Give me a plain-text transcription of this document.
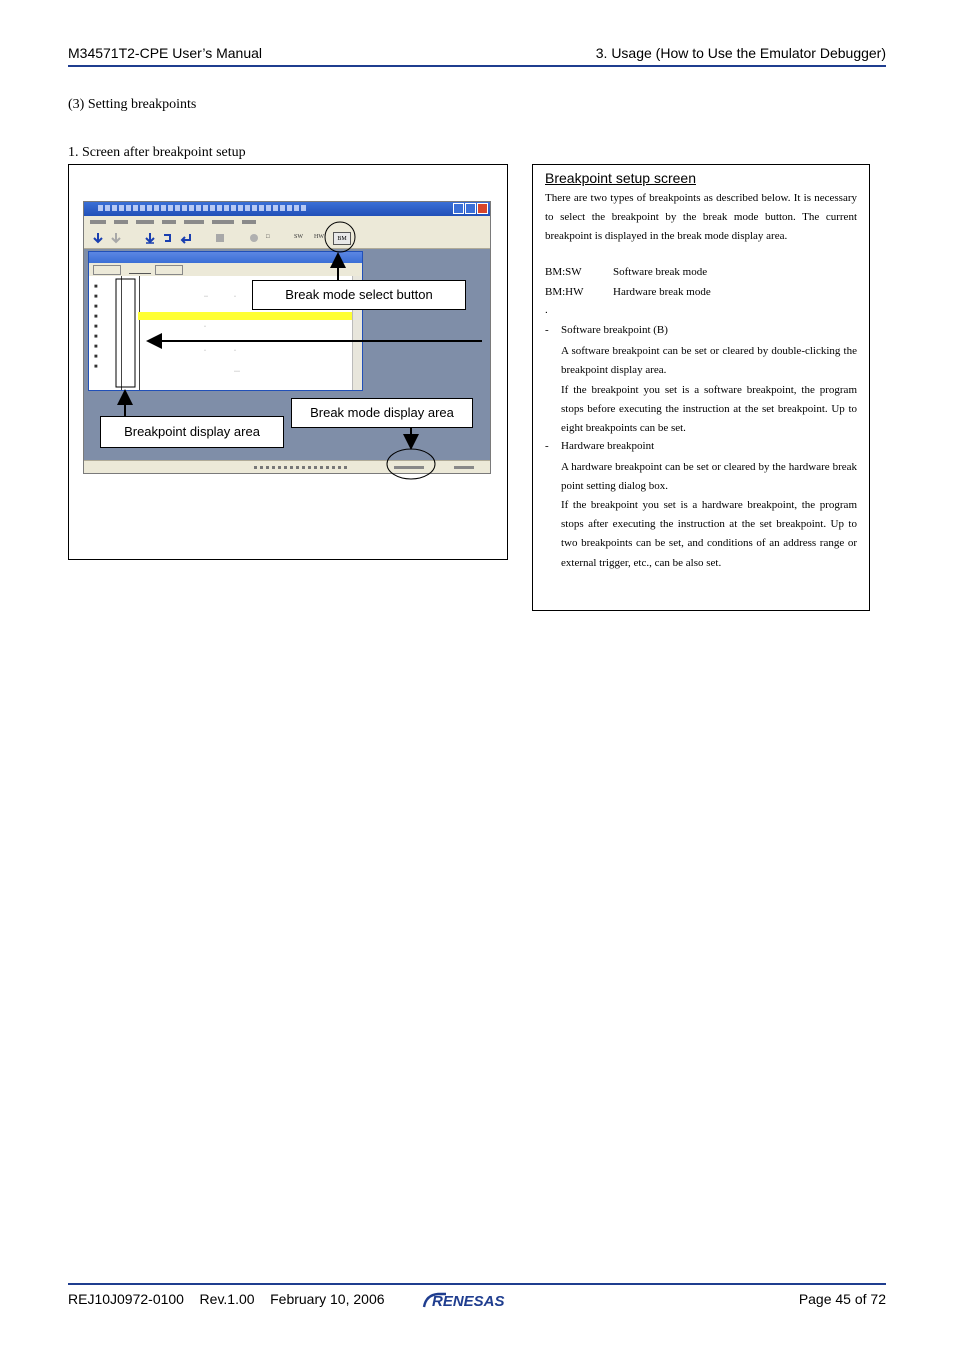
M34571T2-CPE User’s Manual	3. Usage (How to Use the Emulator Debugger)
(3) Setting breakpoints
1. Screen after breakpoint setup
□	SW HW	BM
■
■
■
■
■
■
■
■
■
··	·
·
·	·
···
Break mode select button
Break mode display area
Breakpoint display area
Breakpoint setup screen
There are two types of breakpoints as described below. It is necessary to select the breakpoint by the break mode button. The current breakpoint is displayed in the break mode display area.
BM:SW	Software break mode
BM:HW	Hardware break mode
.
- Software breakpoint (B)
A software breakpoint can be set or cleared by double-clicking the breakpoint display area.
If the breakpoint you set is a software breakpoint, the program stops before executing the instruction at the set breakpoint. Up to eight breakpoints can be set.
- Hardware breakpoint
A hardware breakpoint can be set or cleared by the hardware break point setting dialog box.
If the breakpoint you set is a hardware breakpoint, the program stops after executing the instruction at the set breakpoint. Up to two breakpoints can be set, and conditions of an address range or external trigger, etc., can be also set.
REJ10J0972-0100 Rev.1.00 February 10, 2006	RENESAS	Page 45 of 72
